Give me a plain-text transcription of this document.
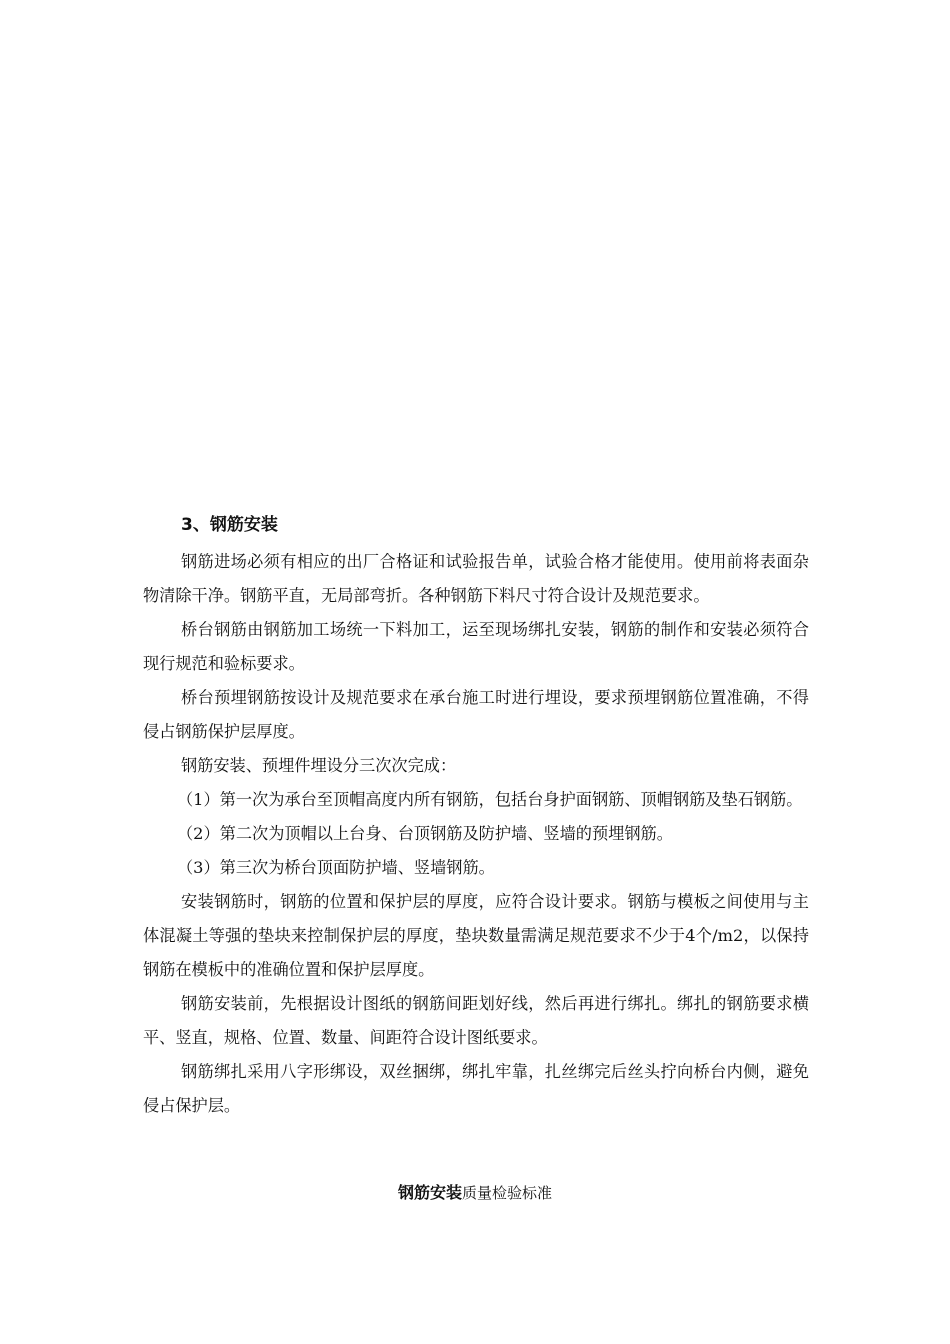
3、钢筋安装

钢筋进场必须有相应的出厂合格证和试验报告单，试验合格才能使用。使用前将表面杂物清除干净。钢筋平直，无局部弯折。各种钢筋下料尺寸符合设计及规范要求。

桥台钢筋由钢筋加工场统一下料加工，运至现场绑扎安装，钢筋的制作和安装必须符合现行规范和验标要求。

桥台预埋钢筋按设计及规范要求在承台施工时进行埋设，要求预埋钢筋位置准确，不得侵占钢筋保护层厚度。

钢筋安装、预埋件埋设分三次次完成：

（1）第一次为承台至顶帽高度内所有钢筋，包括台身护面钢筋、顶帽钢筋及垫石钢筋。

（2）第二次为顶帽以上台身、台顶钢筋及防护墙、竖墙的预埋钢筋。

（3）第三次为桥台顶面防护墙、竖墙钢筋。

安装钢筋时，钢筋的位置和保护层的厚度，应符合设计要求。钢筋与模板之间使用与主体混凝土等强的垫块来控制保护层的厚度，垫块数量需满足规范要求不少于4个/m2，以保持钢筋在模板中的准确位置和保护层厚度。

钢筋安装前，先根据设计图纸的钢筋间距划好线，然后再进行绑扎。绑扎的钢筋要求横平、竖直，规格、位置、数量、间距符合设计图纸要求。

钢筋绑扎采用八字形绑设，双丝捆绑，绑扎牢靠，扎丝绑完后丝头拧向桥台内侧，避免侵占保护层。

钢筋安装质量检验标准
